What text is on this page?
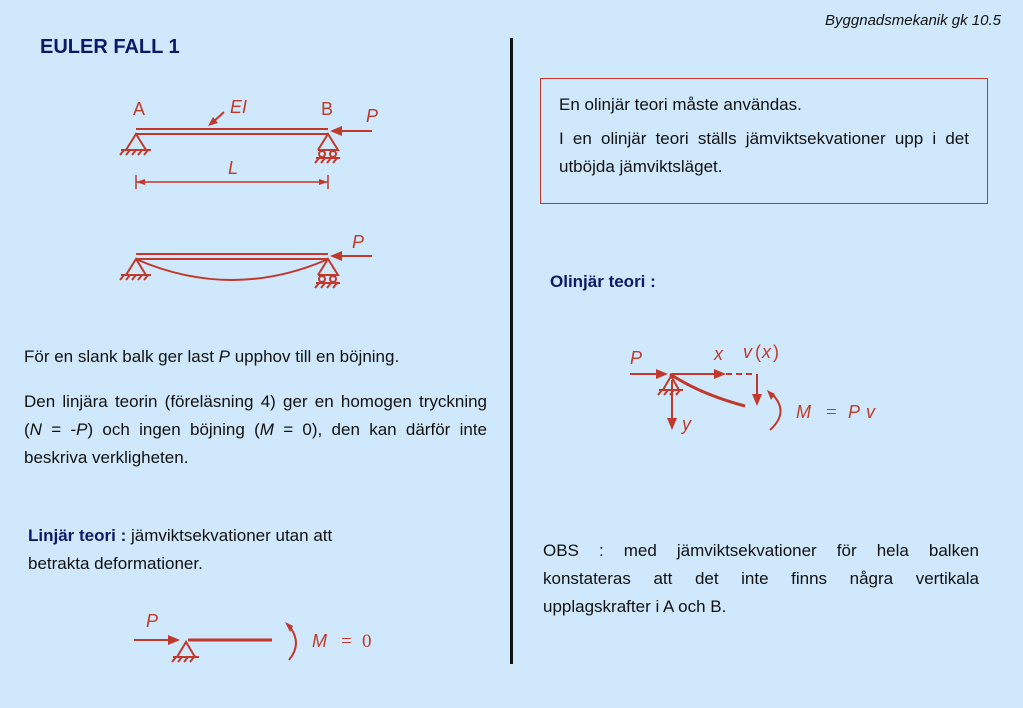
Byggnadsmekanik gk 10.5
EULER FALL 1
A	B
EI	P
L
P
P
M = 0
P	x v ( x )
y
M = P v
För en slank balk ger last P upphov till en böjning.
Den linjära teorin (föreläsning 4) ger en homogen tryckning (N = -P) och ingen böjning (M = 0), den kan därför inte beskriva verkligheten.
Linjär teori : jämviktsekvationer utan att betrakta deformationer.

En olinjär teori måste användas.

I en olinjär teori ställs jämviktsekvationer upp i det utböjda jämviktsläget.

Olinjär teori :
OBS : med jämviktsekvationer för hela balken konstateras att det inte finns några vertikala upplagskrafter i A och B.
